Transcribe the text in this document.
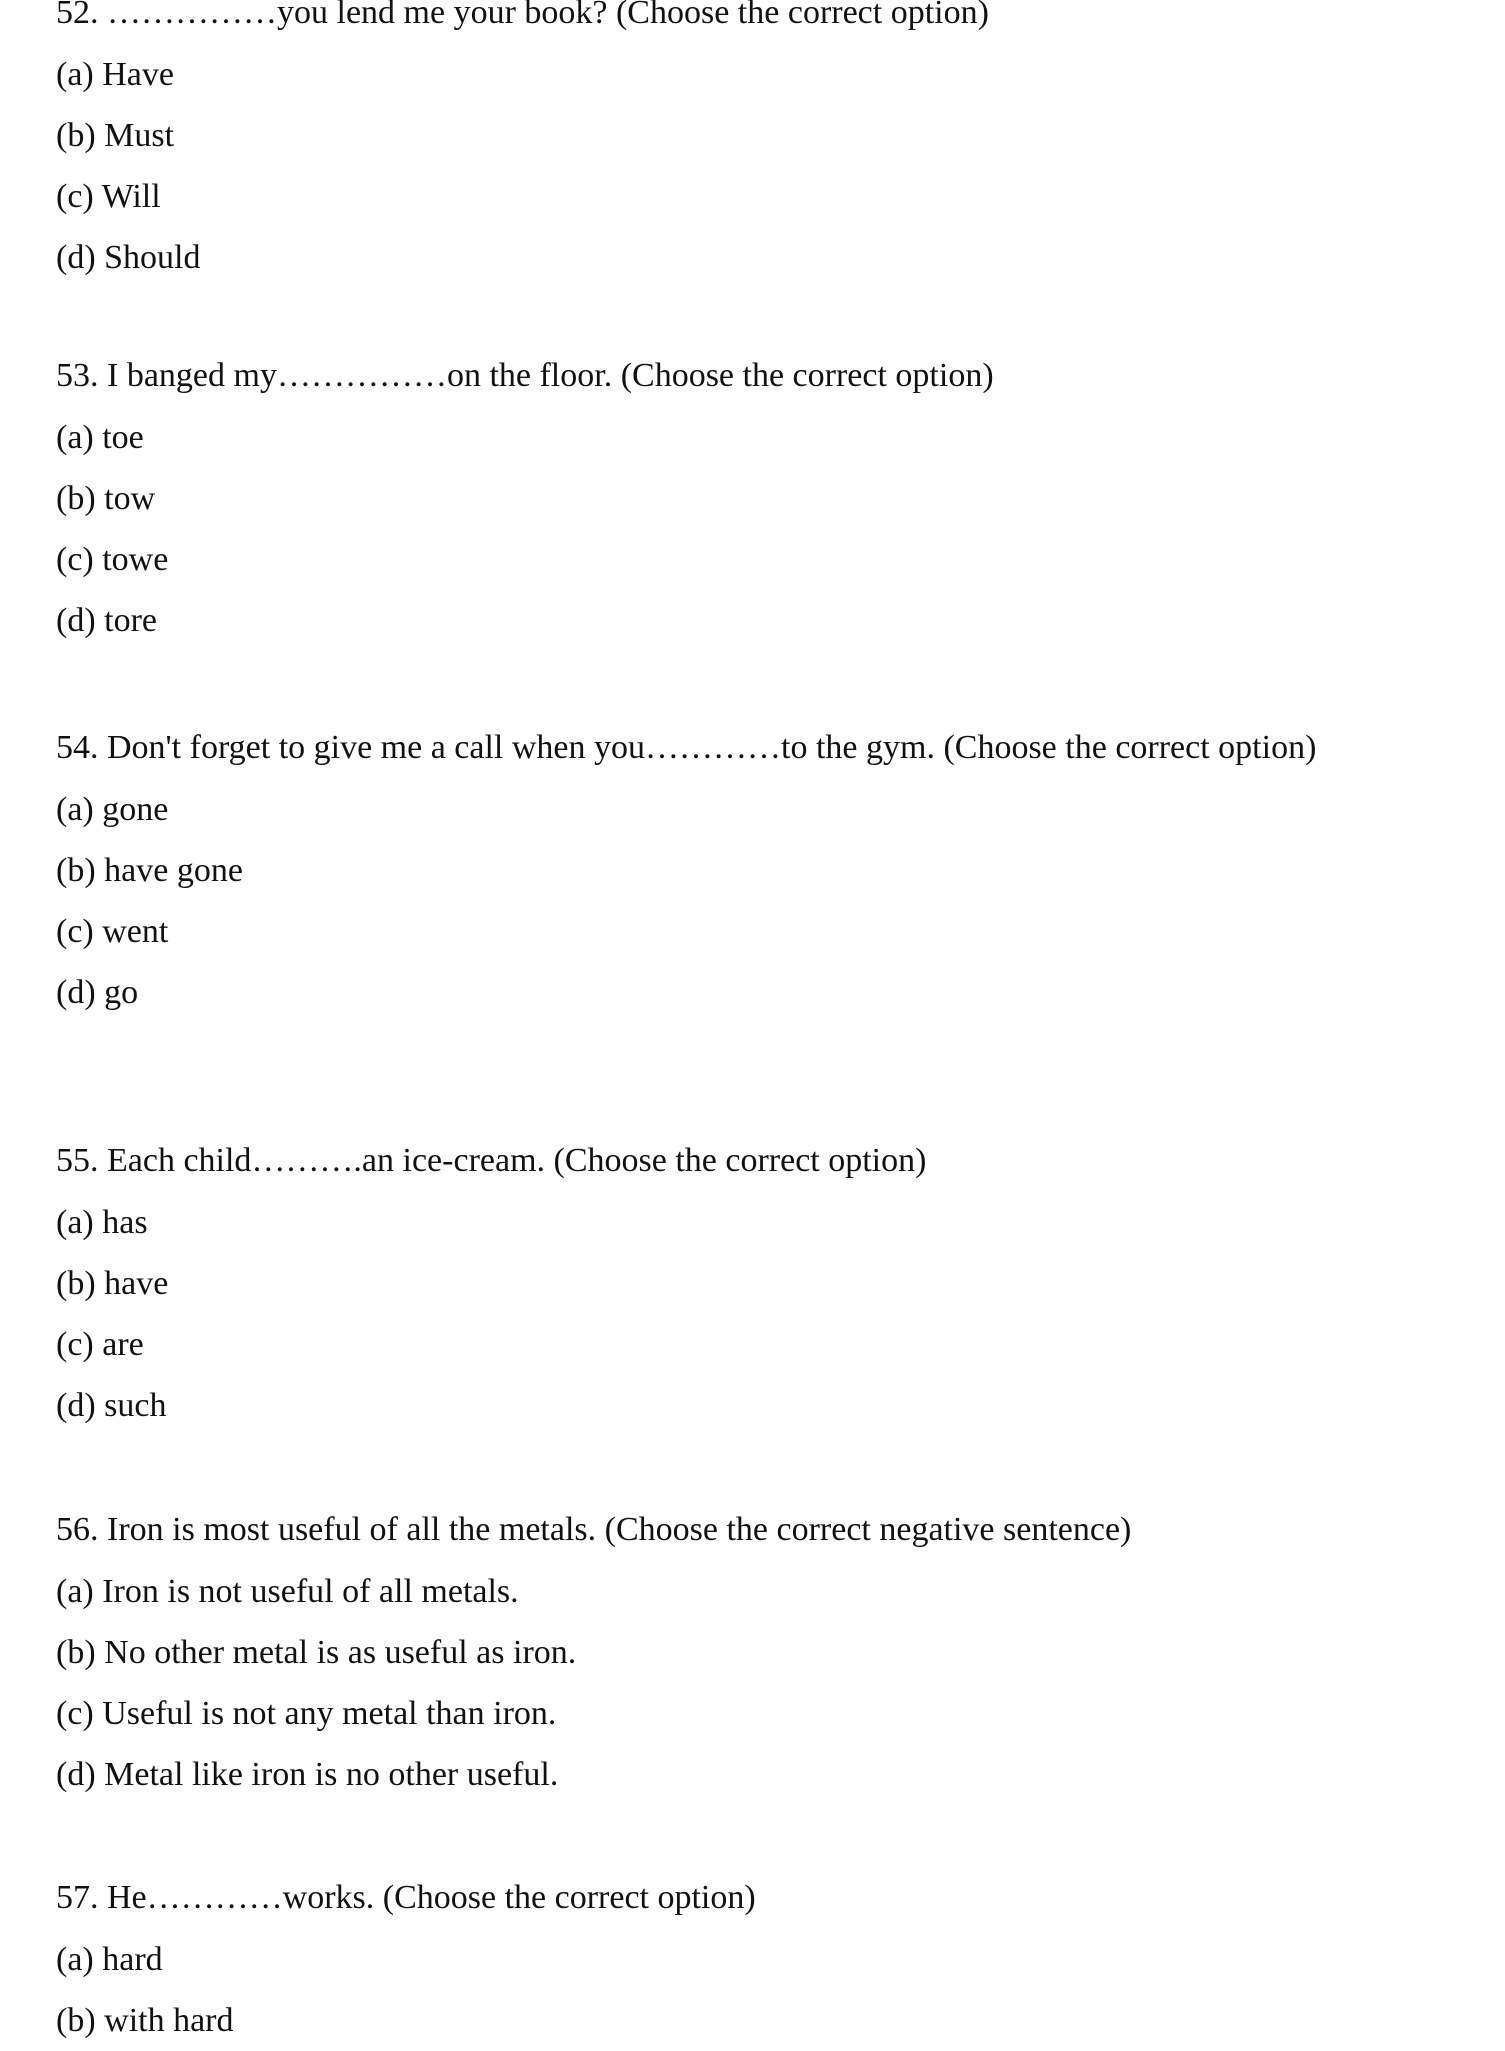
52. ……………you lend me your book? (Choose the correct option)

(a) Have

(b) Must

(c) Will

(d) Should

53. I banged my……………on the floor. (Choose the correct option)

(a) toe

(b) tow

(c) towe

(d) tore

54. Don't forget to give me a call when you…………to the gym. (Choose the correct option)

(a) gone

(b) have gone

(c) went

(d) go

55. Each child……….an ice-cream. (Choose the correct option)

(a) has

(b) have

(c) are

(d) such

56. Iron is most useful of all the metals. (Choose the correct negative sentence)

(a) Iron is not useful of all metals.

(b) No other metal is as useful as iron.

(c) Useful is not any metal than iron.

(d) Metal like iron is no other useful.

57. He…………works. (Choose the correct option)

(a) hard

(b) with hard
